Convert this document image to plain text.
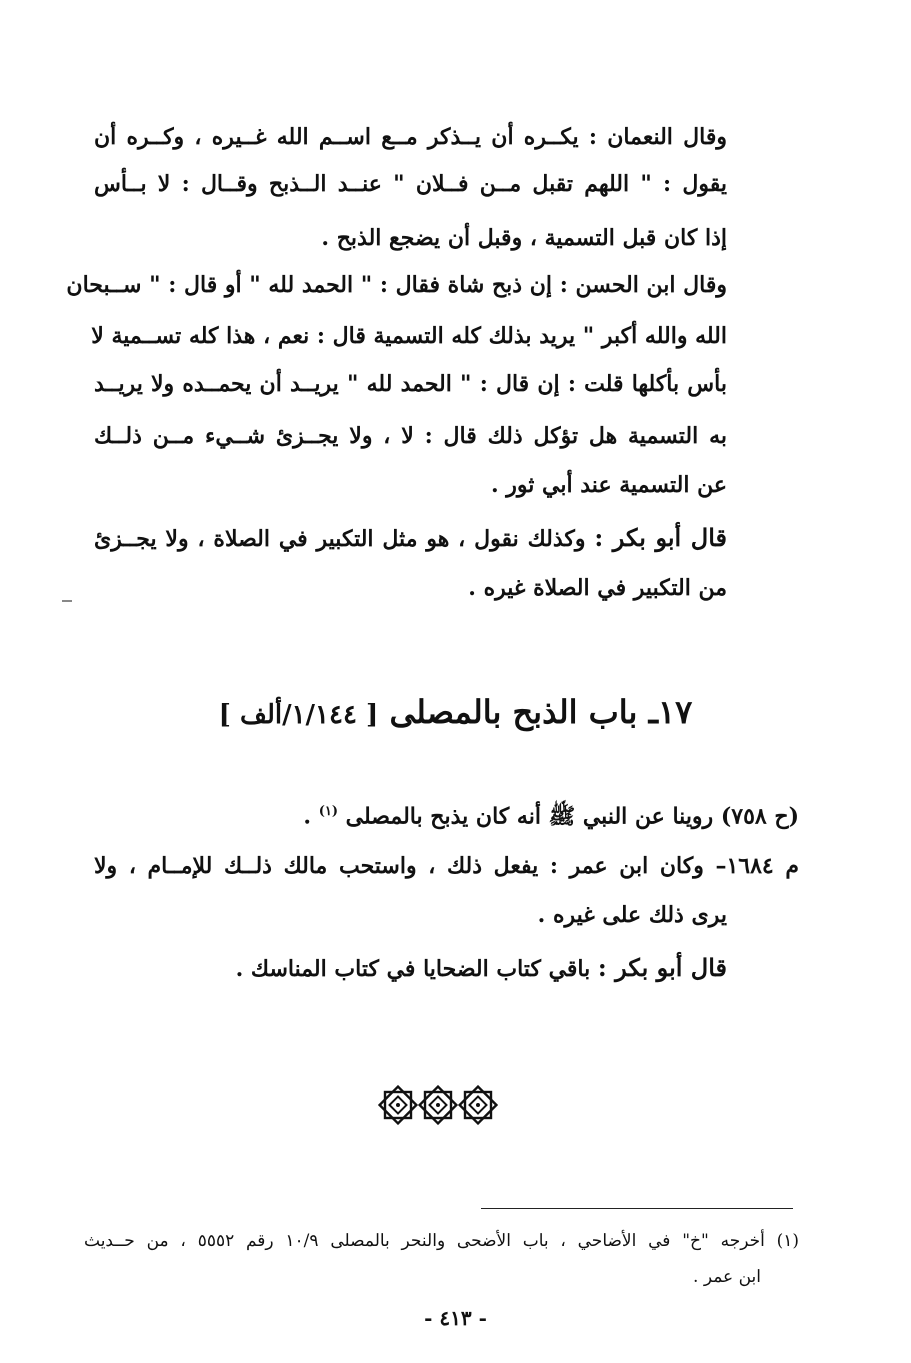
وقال النعمان : يكــره أن يــذكر مــع اســم الله غــيره ، وكــره أن
يقول : " اللهم تقبل مــن فــلان " عنــد الــذبح وقــال : لا بــأس
إذا كان قبل التسمية ، وقبل أن يضجع الذبح .
وقال ابن الحسن : إن ذبح شاة فقال : " الحمد لله " أو قال : " ســبحان
الله والله أكبر " يريد بذلك كله التسمية قال : نعم ، هذا كله تســمية لا
بأس بأكلها قلت : إن قال : " الحمد لله " يريــد أن يحمــده ولا يريــد
به التسمية هل تؤكل ذلك قال : لا ، ولا يجــزئ شــيء مــن ذلــك
عن التسمية عند أبي ثور .
قال أبو بكر : وكذلك نقول ، هو مثل التكبير في الصلاة ، ولا يجــزئ
من التكبير في الصلاة غيره .
١٧ـ باب الذبح بالمصلى [ ١/١٤٤/ألف ]
(ح ٧٥٨) روينا عن النبي ﷺ أنه كان يذبح بالمصلى $^{(١)}$ .
م ١٦٨٤– وكان ابن عمر : يفعل ذلك ، واستحب مالك ذلــك للإمــام ، ولا
يرى ذلك على غيره .
قال أبو بكر : باقي كتاب الضحايا في كتاب المناسك .
(١) أخرجه "خ" في الأضاحي ، باب الأضحى والنحر بالمصلى ١٠/٩ رقم ٥٥٥٢ ، من حــديث
ابن عمر .
- ٤١٣ -
